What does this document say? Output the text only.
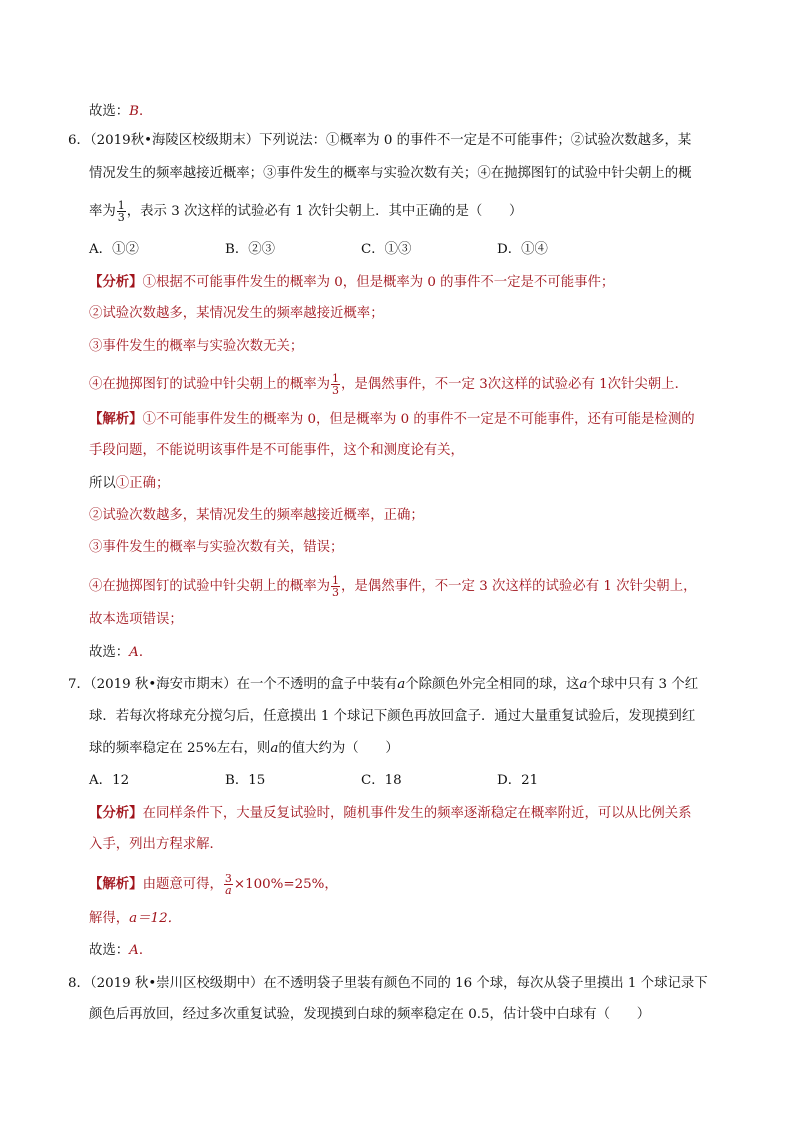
故选：B．
6．（2019秋•海陵区校级期末）下列说法：①概率为 0 的事件不一定是不可能事件；②试验次数越多，某
情况发生的频率越接近概率；③事件发生的概率与实验次数有关；④在抛掷图钉的试验中针尖朝上的概
率为 $\frac{1}{3}$ ，表示 3 次这样的试验必有 1 次针尖朝上．其中正确的是（　　）
A．①②	B．②③	C．①③	D．①④
【分析】①根据不可能事件发生的概率为 0，但是概率为 0 的事件不一定是不可能事件；
②试验次数越多，某情况发生的频率越接近概率；
③事件发生的概率与实验次数无关；
④在抛掷图钉的试验中针尖朝上的概率为 $\frac{1}{3}$ ，是偶然事件，不一定 3次这样的试验必有 1次针尖朝上．
【解析】①不可能事件发生的概率为 0，但是概率为 0 的事件不一定是不可能事件，还有可能是检测的
手段问题，不能说明该事件是不可能事件，这个和测度论有关，
所以①正确；
②试验次数越多，某情况发生的频率越接近概率，正确；
③事件发生的概率与实验次数有关，错误；
④在抛掷图钉的试验中针尖朝上的概率为 $\frac{1}{3}$ ，是偶然事件，不一定 3 次这样的试验必有 1 次针尖朝上，
故本选项错误；
故选：A．
7．（2019 秋•海安市期末）在一个不透明的盒子中装有a个除颜色外完全相同的球，这a个球中只有 3 个红
球．若每次将球充分搅匀后，任意摸出 1 个球记下颜色再放回盒子．通过大量重复试验后，发现摸到红
球的频率稳定在 25%左右，则a的值大约为（　　）
A．12	B．15	C．18	D．21
【分析】在同样条件下，大量反复试验时，随机事件发生的频率逐渐稳定在概率附近，可以从比例关系
入手，列出方程求解．
【解析】由题意可得， $\frac{3}{a} \times 100\%=25\%$，
解得，a＝12．
故选：A．
8．（2019 秋•崇川区校级期中）在不透明袋子里装有颜色不同的 16 个球，每次从袋子里摸出 1 个球记录下
颜色后再放回，经过多次重复试验，发现摸到白球的频率稳定在 0.5，估计袋中白球有（　　）
